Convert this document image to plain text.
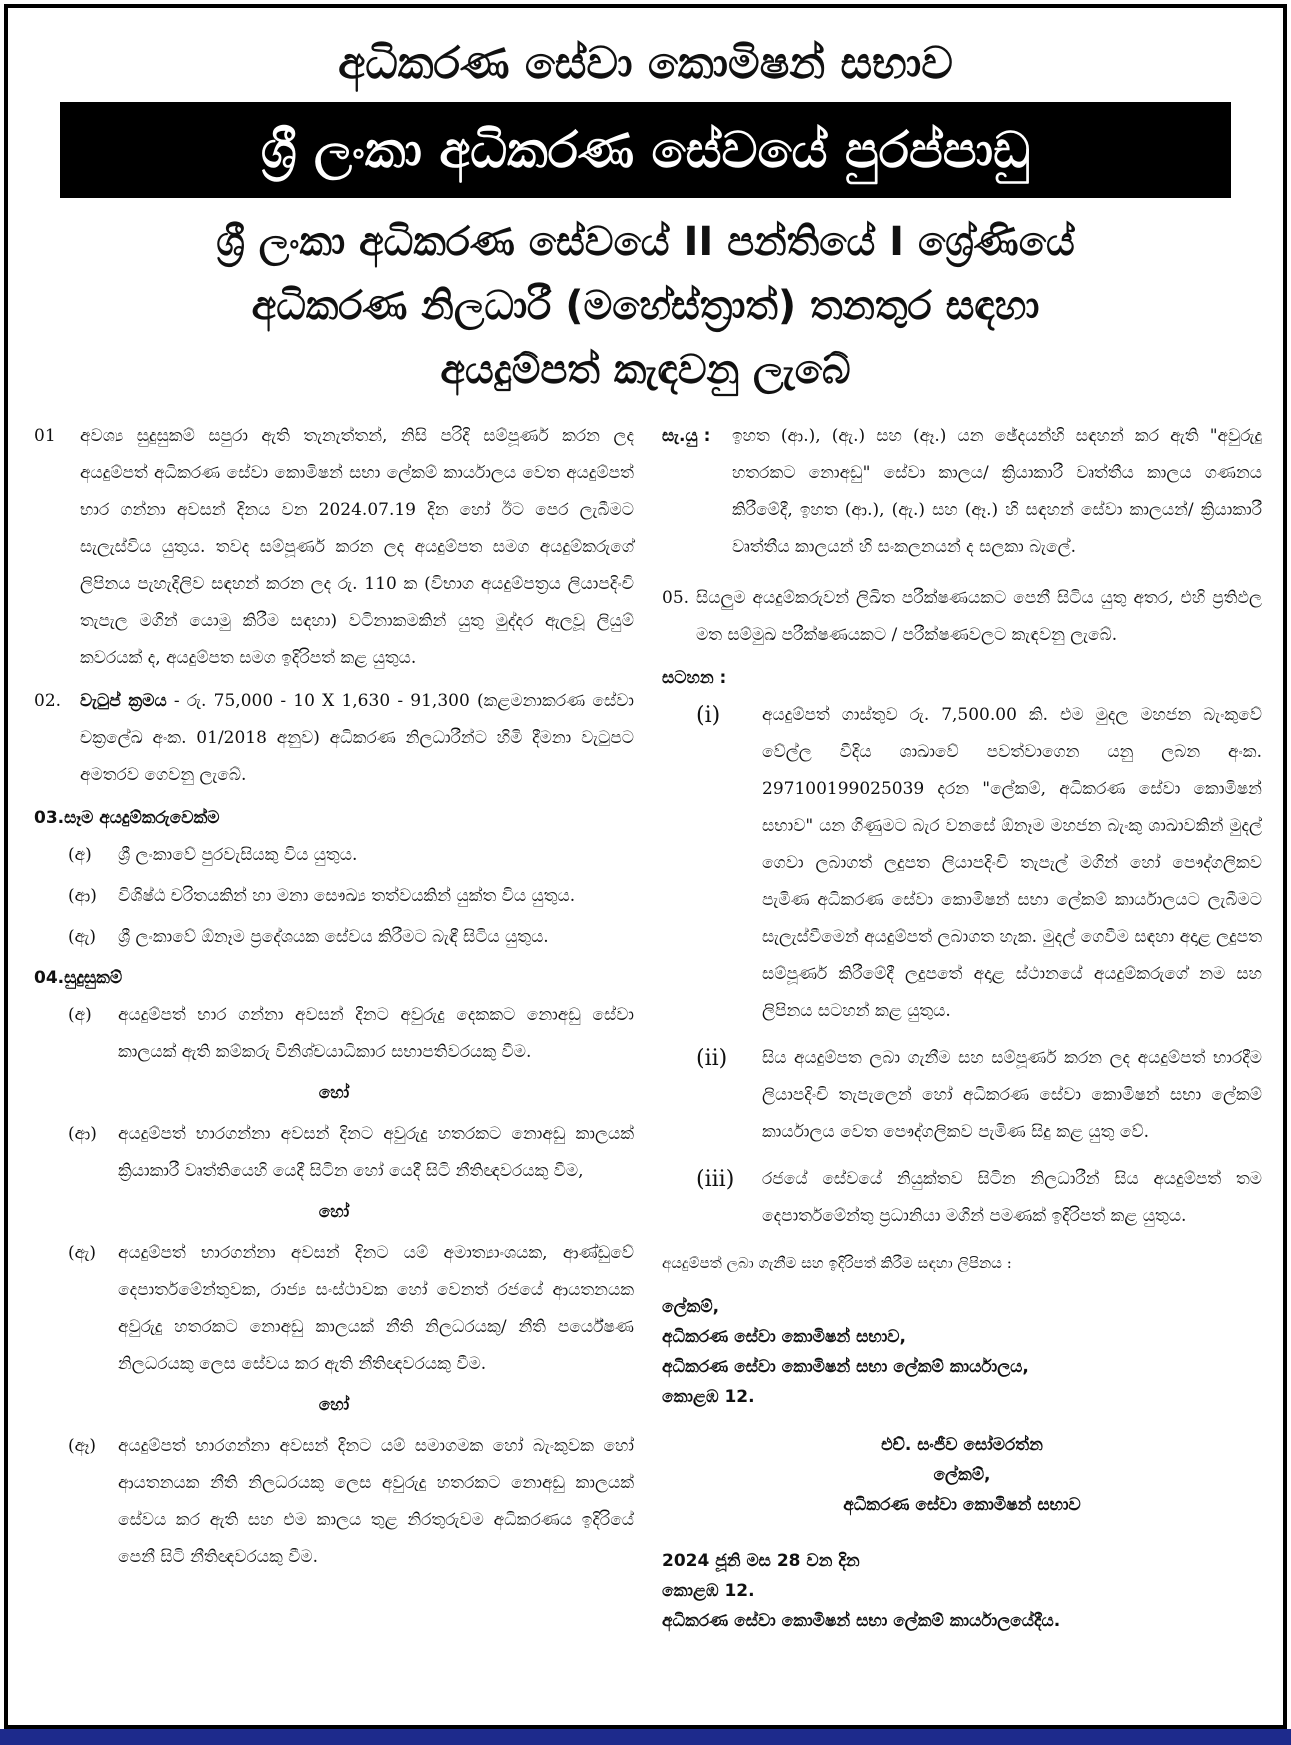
අධිකරණ සේවා කොමිෂන් සභාව
ශ්‍රී ලංකා අධිකරණ සේවයේ පුරප්පාඩු
ශ්‍රී ලංකා අධිකරණ සේවයේ II පන්තියේ I ශ්‍රේණියේ
අධිකරණ නිලධාරී (මහේස්ත්‍රාත්) තනතුර සඳහා
අයදුම්පත් කැඳවනු ලැබේ
01	අවශ්‍ය සුදුසුකම් සපුරා ඇති තැනැත්තන්, නිසි පරිදි සම්පූර්ණ කරන ලද අයදුම්පත් අධිකරණ සේවා කොමිෂන් සභා ලේකම් කාර්යාලය වෙත අයදුම්පත් භාර ගන්නා අවසන් දිනය වන 2024.07.19 දින හෝ ඊට පෙර ලැබීමට සැලැස්විය යුතුය. තවද සම්පූර්ණ කරන ලද අයදුම්පත සමග අයදුම්කරුගේ ලිපිනය පැහැදිලිව සඳහන් කරන ලද රු. 110 ක (විභාග අයදුම්පත්‍රය ලියාපදිංචි තැපැල මගින් යොමු කිරීම සඳහා) වටිනාකමකින් යුතු මුද්දර ඇලවූ ලියුම් කවරයක් ද, අයදුම්පත සමග ඉදිරිපත් කළ යුතුය.
02.	වැටුප් ක්‍රමය - රු. 75,000 - 10 X 1,630 - 91,300 (කළමනාකරණ සේවා චක්‍රලේඛ අංක. 01/2018 අනුව) අධිකරණ නිලධාරීන්ට හිමි දීමනා වැටුපට අමතරව ගෙවනු ලැබේ.
03.සෑම අයදුම්කරුවෙක්ම
(අ)	ශ්‍රී ලංකාවේ පුරවැසියකු විය යුතුය.
(ආ)	විශිෂ්ඨ චරිතයකින් හා මනා සෞඛ්‍ය තත්වයකින් යුක්ත විය යුතුය.
(ඇ)	ශ්‍රී ලංකාවේ ඕනෑම ප්‍රදේශයක සේවය කිරීමට බැඳී සිටිය යුතුය.
04.සුදුසුකම්
(අ)	අයදුම්පත් භාර ගන්නා අවසන් දිනට අවුරුදු දෙකකට නොඅඩු සේවා කාලයක් ඇති කම්කරු විනිශ්චයාධිකාර සභාපතිවරයකු වීම.
හෝ
(ආ)	අයදුම්පත් භාරගන්නා අවසන් දිනට අවුරුදු හතරකට නොඅඩු කාලයක් ක්‍රියාකාරී වෘත්තියෙහි යෙදී සිටින හෝ යෙදී සිටි නීතිඥවරයකු වීම,
හෝ
(ඇ)	අයදුම්පත් භාරගන්නා අවසන් දිනට යම් අමාත්‍යාංශයක, ආණ්ඩුවේ දෙපාර්තමේන්තුවක, රාජ්‍ය සංස්ථාවක හෝ වෙනත් රජයේ ආයතනයක අවුරුදු හතරකට නොඅඩු කාලයක් නීති නිලධරයකු/ නීති පර්යේෂණ නිලධරයකු ලෙස සේවය කර ඇති නීතිඥවරයකු වීම.
හෝ
(ඈ)	අයදුම්පත් භාරගන්නා අවසන් දිනට යම් සමාගමක හෝ බැංකුවක හෝ ආයතනයක නීති නිලධරයකු ලෙස අවුරුදු හතරකට නොඅඩු කාලයක් සේවය කර ඇති සහ එම කාලය තුළ නිරතුරුවම අධිකරණය ඉදිරියේ පෙනී සිටි නීතිඥවරයකු වීම.
සැ.යු :	ඉහත (ආ.), (ඇ.) සහ (ඈ.) යන ඡේදයන්හි සඳහන් කර ඇති "අවුරුදු හතරකට නොඅඩු" සේවා කාලය/ ක්‍රියාකාරී වෘත්තීය කාලය ගණනය කිරීමේදී, ඉහත (ආ.), (ඇ.) සහ (ඈ.) හි සඳහන් සේවා කාලයන්/ ක්‍රියාකාරී වෘත්තීය කාලයන් හි සංකලනයන් ද සලකා බැලේ.
05. සියලුම අයදුම්කරුවන් ලිඛිත පරීක්ෂණයකට පෙනී සිටිය යුතු අතර, එහි ප්‍රතිඵල මත සම්මුඛ පරීක්ෂණයකට / පරීක්ෂණවලට කැඳවනු ලැබේ.
සටහන :
(i)	අයදුම්පත් ගාස්තුව රු. 7,500.00 කි. එම මුදල මහජන බැංකුවේ වේල්ල වීදිය ශාඛාවේ පවත්වාගෙන යනු ලබන අංක. 297100199025039 දරන "ලේකම්, අධිකරණ සේවා කොමිෂන් සභාව" යන ගිණුමට බැර වනසේ ඕනෑම මහජන බැංකු ශාඛාවකින් මුදල් ගෙවා ලබාගත් ලදුපත ලියාපදිංචි තැපැල් මගින් හෝ පෞද්ගලිකව පැමිණ අධිකරණ සේවා කොමිෂන් සභා ලේකම් කාර්යාලයට ලැබීමට සැලැස්වීමෙන් අයදුම්පත් ලබාගත හැක. මුදල් ගෙවීම සඳහා අදාළ ලදුපත සම්පූර්ණ කිරීමේදී ලදුපතේ අදාළ ස්ථානයේ අයදුම්කරුගේ නම සහ ලිපිනය සටහන් කළ යුතුය.
(ii)	සිය අයදුම්පත ලබා ගැනීම සහ සම්පූර්ණ කරන ලද අයදුම්පත් භාරදීම ලියාපදිංචි තැපැලෙන් හෝ අධිකරණ සේවා කොමිෂන් සභා ලේකම් කාර්යාලය වෙත පෞද්ගලිකව පැමිණ සිදු කළ යුතු වේ.
(iii)	රජයේ සේවයේ නියුක්තව සිටින නිලධාරීන් සිය අයදුම්පත් තම දෙපාර්තමේන්තු ප්‍රධානියා මගින් පමණක් ඉදිරිපත් කළ යුතුය.
අයදුම්පත් ලබා ගැනීම සහ ඉදිරිපත් කිරීම සඳහා ලිපිනය :
ලේකම්,
අධිකරණ සේවා කොමිෂන් සභාව,
අධිකරණ සේවා කොමිෂන් සභා ලේකම් කාර්යාලය,
කොළඹ 12.
එච්. සංජීව සෝමරත්න
ලේකම්,
අධිකරණ සේවා කොමිෂන් සභාව
2024 ජූනි මස 28 වන දින
කොළඹ 12.
අධිකරණ සේවා කොමිෂන් සභා ලේකම් කාර්යාලයේදීය.
